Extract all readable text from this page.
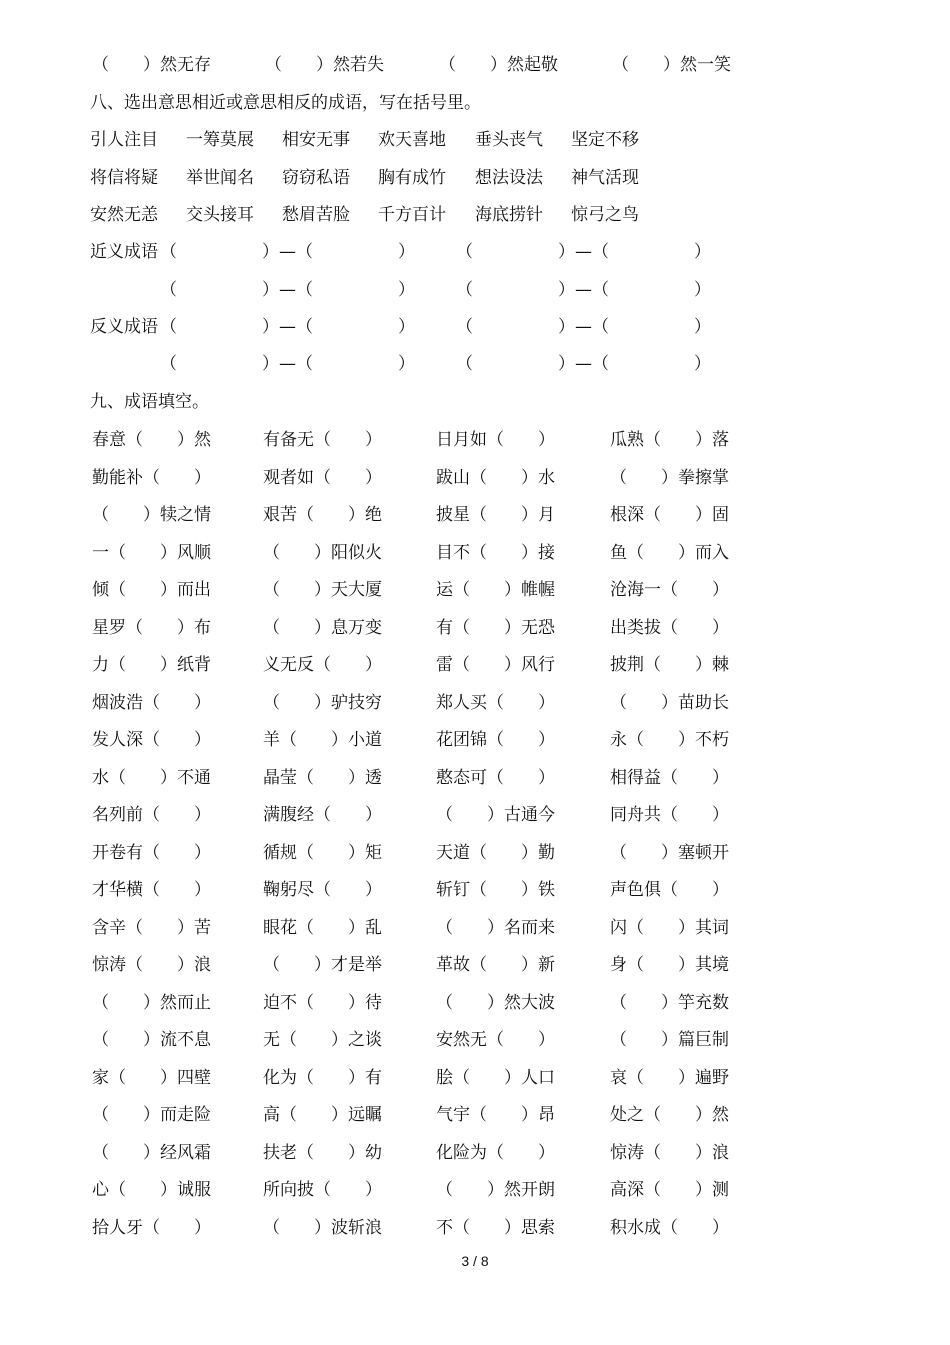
（　　）然无存	（　　）然若失	（　　）然起敬	（　　）然一笑
八、选出意思相近或意思相反的成语，写在括号里。
引人注目 一筹莫展 相安无事 欢天喜地 垂头丧气 坚定不移
将信将疑 举世闻名 窃窃私语 胸有成竹 想法设法 神气活现
安然无恙 交头接耳 愁眉苦脸 千方百计 海底捞针 惊弓之鸟
近义成语 （　　　　　）—（　　　　　） （　　　　　）—（　　　　　）
（　　　　　）—（　　　　　） （　　　　　）—（　　　　　）
反义成语 （　　　　　）—（　　　　　） （　　　　　）—（　　　　　）
（　　　　　）—（　　　　　） （　　　　　）—（　　　　　）
九、成语填空。
春意（　　）然	有备无（　　）	日月如（　　）	瓜熟（　　）落
勤能补（　　）	观者如（　　）	跋山（　　）水	（　　）拳擦掌
（　　）犊之情	艰苦（　　）绝	披星（　　）月	根深（　　）固
一（　　）风顺	（　　）阳似火	目不（　　）接	鱼（　　）而入
倾（　　）而出	（　　）天大厦	运（　　）帷幄	沧海一（　　）
星罗（　　）布	（　　）息万变	有（　　）无恐	出类拔（　　）
力（　　）纸背	义无反（　　）	雷（　　）风行	披荆（　　）棘
烟波浩（　　）	（　　）驴技穷	郑人买（　　）	（　　）苗助长
发人深（　　）	羊（　　）小道	花团锦（　　）	永（　　）不朽
水（　　）不通	晶莹（　　）透	憨态可（　　）	相得益（　　）
名列前（　　）	满腹经（　　）	（　　）古通今	同舟共（　　）
开卷有（　　）	循规（　　）矩	天道（　　）勤	（　　）塞顿开
才华横（　　）	鞠躬尽（　　）	斩钉（　　）铁	声色俱（　　）
含辛（　　）苦	眼花（　　）乱	（　　）名而来	闪（　　）其词
惊涛（　　）浪	（　　）才是举	革故（　　）新	身（　　）其境
（　　）然而止	迫不（　　）待	（　　）然大波	（　　）竽充数
（　　）流不息	无（　　）之谈	安然无（　　）	（　　）篇巨制
家（　　）四壁	化为（　　）有	脍（　　）人口	哀（　　）遍野
（　　）而走险	高（　　）远瞩	气宇（　　）昂	处之（　　）然
（　　）经风霜	扶老（　　）幼	化险为（　　）	惊涛（　　）浪
心（　　）诚服	所向披（　　）	（　　）然开朗	高深（　　）测
拾人牙（　　）	（　　）波斩浪	不（　　）思索	积水成（　　）
3 / 8
